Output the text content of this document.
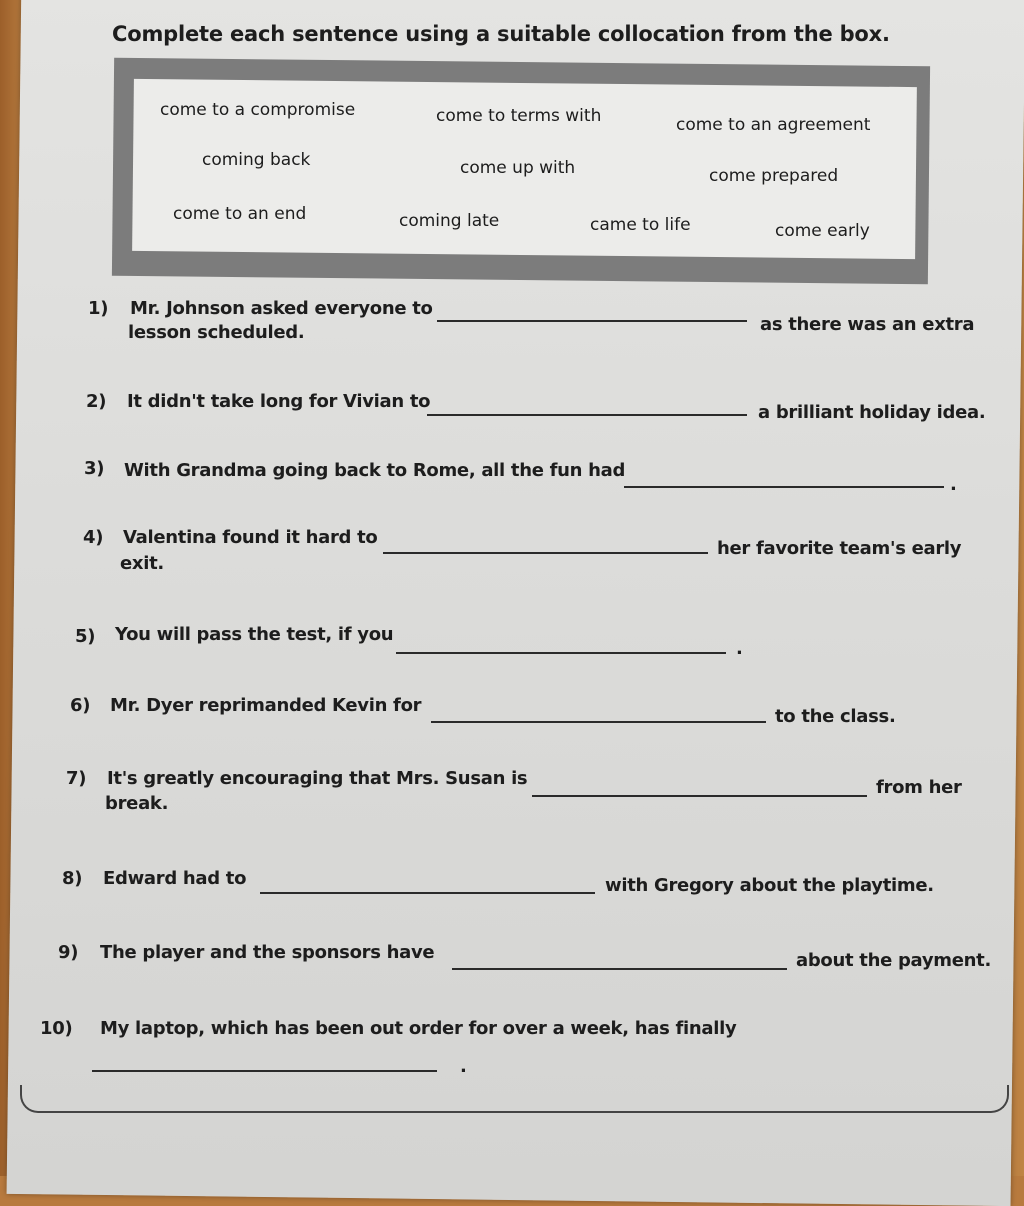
Complete each sentence using a suitable collocation from the box.
come to a compromise	come to terms with	come to an agreement
coming back	come up with	come prepared
come to an end	coming late	came to life	come early
1) Mr. Johnson asked everyone to
as there was an extra
lesson scheduled.
2) It didn't take long for Vivian to
a brilliant holiday idea.
3) With Grandma going back to Rome, all the fun had
.
4) Valentina found it hard to
her favorite team's early
exit.
5) You will pass the test, if you
.
6) Mr. Dyer reprimanded Kevin for
to the class.
7) It's greatly encouraging that Mrs. Susan is	from her
break.
8) Edward had to	with Gregory about the playtime.
9) The player and the sponsors have	about the payment.
10) My laptop, which has been out order for over a week, has finally
.
